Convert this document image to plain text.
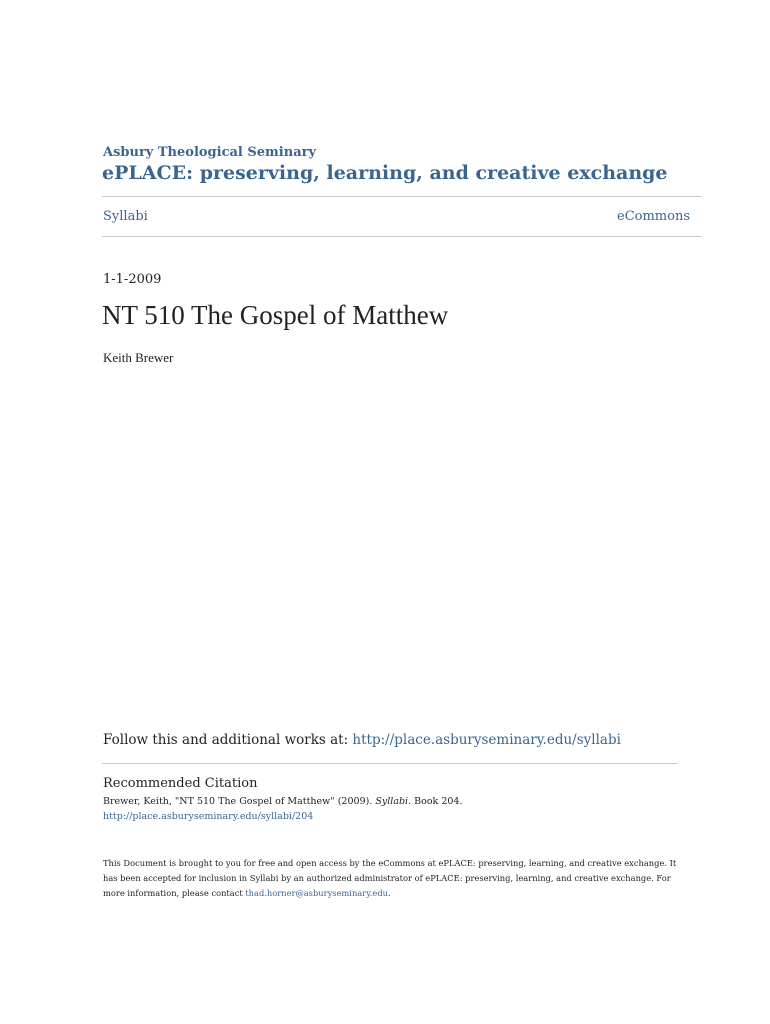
Asbury Theological Seminary
ePLACE: preserving, learning, and creative exchange
Syllabi	eCommons
1-1-2009
NT 510 The Gospel of Matthew
Keith Brewer
Follow this and additional works at: http://place.asburyseminary.edu/syllabi
Recommended Citation
Brewer, Keith, "NT 510 The Gospel of Matthew" (2009). Syllabi. Book 204.
http://place.asburyseminary.edu/syllabi/204
This Document is brought to you for free and open access by the eCommons at ePLACE: preserving, learning, and creative exchange. It has been accepted for inclusion in Syllabi by an authorized administrator of ePLACE: preserving, learning, and creative exchange. For more information, please contact thad.horner@asburyseminary.edu.
